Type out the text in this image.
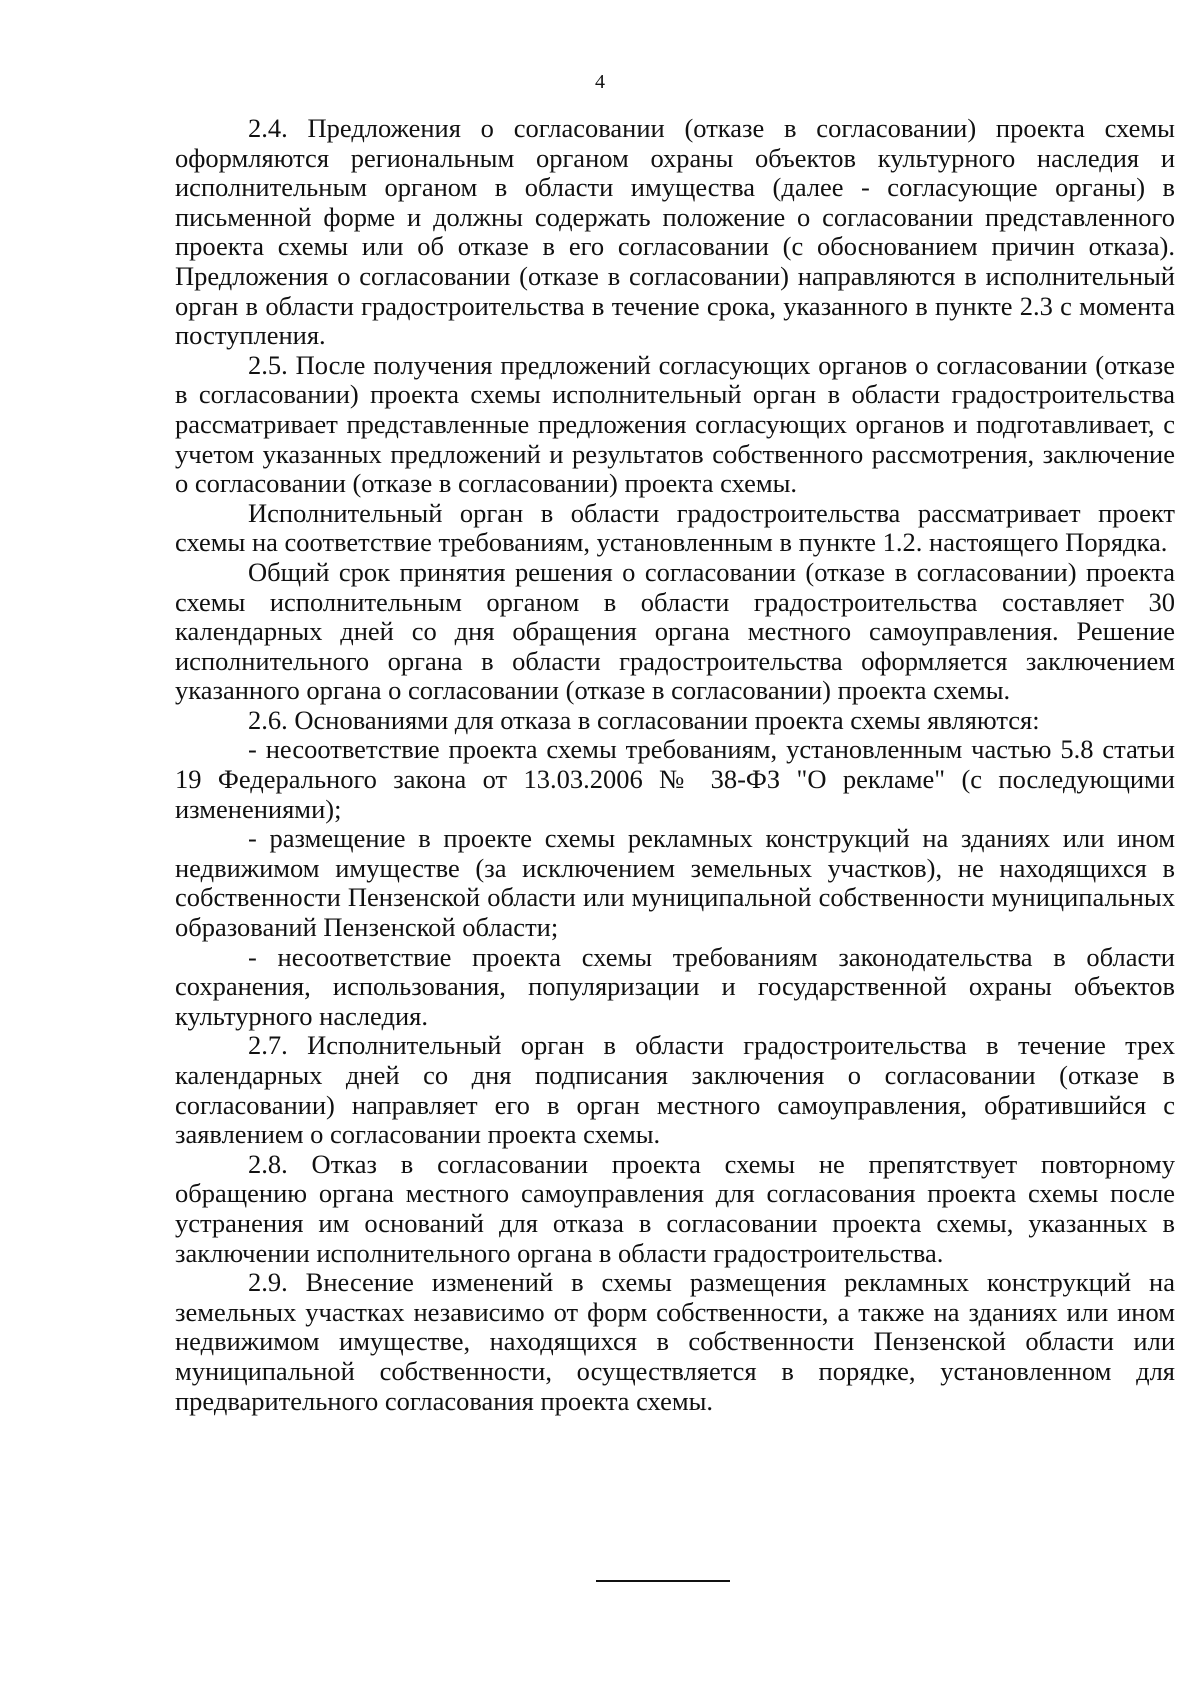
4

2.4. Предложения о согласовании (отказе в согласовании) проекта схемы оформляются региональным органом охраны объектов культурного наследия и исполнительным органом в области имущества (далее - согласующие органы) в письменной форме и должны содержать положение о согласовании представленного проекта схемы или об отказе в его согласовании (с обоснованием причин отказа). Предложения о согласовании (отказе в согласовании) направляются в исполнительный орган в области градостроительства в течение срока, указанного в пункте 2.3 с момента поступления.

2.5. После получения предложений согласующих органов о согласовании (отказе в согласовании) проекта схемы исполнительный орган в области градостроительства рассматривает представленные предложения согласующих органов и подготавливает, с учетом указанных предложений и результатов собственного рассмотрения, заключение о согласовании (отказе в согласовании) проекта схемы.

Исполнительный орган в области градостроительства рассматривает проект схемы на соответствие требованиям, установленным в пункте 1.2. настоящего Порядка.

Общий срок принятия решения о согласовании (отказе в согласовании) проекта схемы исполнительным органом в области градостроительства составляет 30 календарных дней со дня обращения органа местного самоуправления. Решение исполнительного органа в области градостроительства оформляется заключением указанного органа о согласовании (отказе в согласовании) проекта схемы.

2.6. Основаниями для отказа в согласовании проекта схемы являются:

- несоответствие проекта схемы требованиям, установленным частью 5.8 статьи 19 Федерального закона от 13.03.2006 № 38-ФЗ "О рекламе" (с последующими изменениями);

- размещение в проекте схемы рекламных конструкций на зданиях или ином недвижимом имуществе (за исключением земельных участков), не находящихся в собственности Пензенской области или муниципальной собственности муниципальных образований Пензенской области;

- несоответствие проекта схемы требованиям законодательства в области сохранения, использования, популяризации и государственной охраны объектов культурного наследия.

2.7. Исполнительный орган в области градостроительства в течение трех календарных дней со дня подписания заключения о согласовании (отказе в согласовании) направляет его в орган местного самоуправления, обратившийся с заявлением о согласовании проекта схемы.

2.8. Отказ в согласовании проекта схемы не препятствует повторному обращению органа местного самоуправления для согласования проекта схемы после устранения им оснований для отказа в согласовании проекта схемы, указанных в заключении исполнительного органа в области градостроительства.

2.9. Внесение изменений в схемы размещения рекламных конструкций на земельных участках независимо от форм собственности, а также на зданиях или ином недвижимом имуществе, находящихся в собственности Пензенской области или муниципальной собственности, осуществляется в порядке, установленном для предварительного согласования проекта схемы.
